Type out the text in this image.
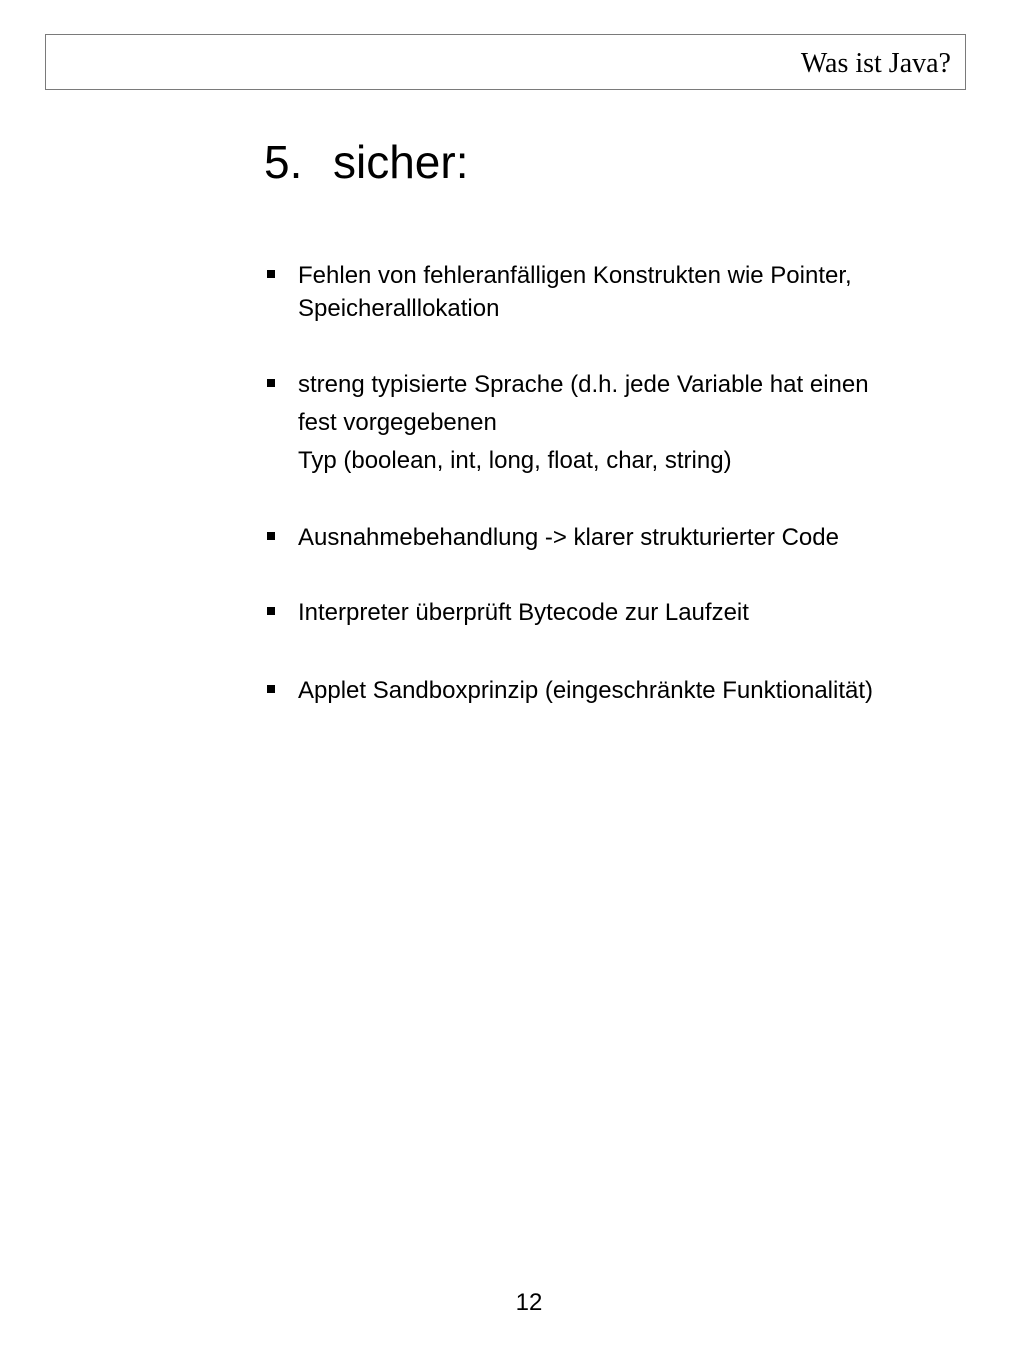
Was ist Java?
5. sicher:
Fehlen von fehleranfälligen Konstrukten wie Pointer,
Speicheralllokation
streng typisierte Sprache (d.h. jede Variable hat einen
fest vorgegebenen
Typ (boolean, int, long, float, char, string)
Ausnahmebehandlung -> klarer strukturierter Code
Interpreter überprüft Bytecode zur Laufzeit
Applet Sandboxprinzip (eingeschränkte Funktionalität)
12
